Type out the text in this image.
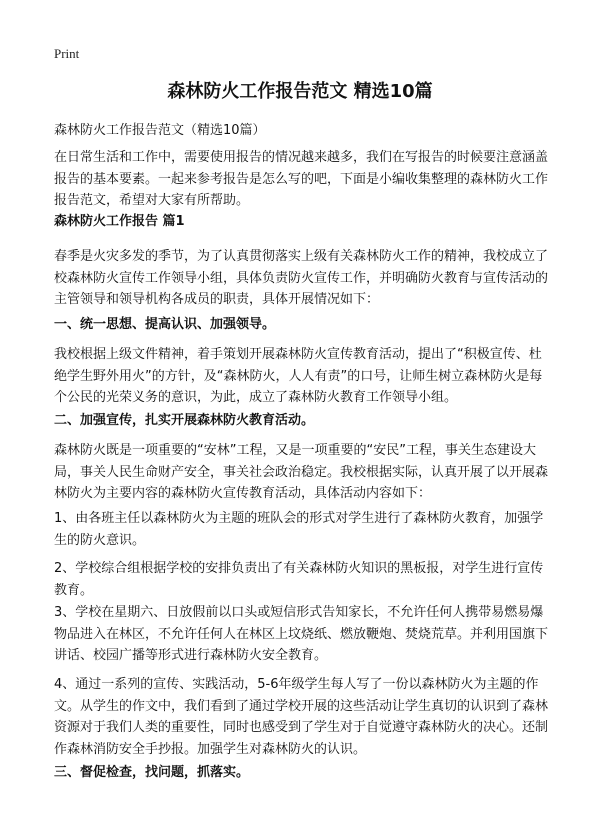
Print
森林防火工作报告范文 精选10篇

森林防火工作报告范文（精选10篇）

在日常生活和工作中，需要使用报告的情况越来越多，我们在写报告的时候要注意涵盖报告的基本要素。一起来参考报告是怎么写的吧，下面是小编收集整理的森林防火工作报告范文，希望对大家有所帮助。

森林防火工作报告 篇1

春季是火灾多发的季节，为了认真贯彻落实上级有关森林防火工作的精神，我校成立了校森林防火宣传工作领导小组，具体负责防火宣传工作，并明确防火教育与宣传活动的主管领导和领导机构各成员的职责，具体开展情况如下：

一、统一思想、提高认识、加强领导。

我校根据上级文件精神，着手策划开展森林防火宣传教育活动，提出了“积极宣传、杜绝学生野外用火”的方针，及“森林防火，人人有责”的口号，让师生树立森林防火是每个公民的光荣义务的意识，为此，成立了森林防火教育工作领导小组。

二、加强宣传，扎实开展森林防火教育活动。

森林防火既是一项重要的“安林”工程，又是一项重要的“安民”工程，事关生态建设大局，事关人民生命财产安全，事关社会政治稳定。我校根据实际，认真开展了以开展森林防火为主要内容的森林防火宣传教育活动，具体活动内容如下：

1、由各班主任以森林防火为主题的班队会的形式对学生进行了森林防火教育，加强学生的防火意识。

2、学校综合组根据学校的安排负责出了有关森林防火知识的黑板报，对学生进行宣传教育。

3、学校在星期六、日放假前以口头或短信形式告知家长，不允许任何人携带易燃易爆物品进入在林区，不允许任何人在林区上坟烧纸、燃放鞭炮、焚烧荒草。并利用国旗下讲话、校园广播等形式进行森林防火安全教育。

4、通过一系列的宣传、实践活动，5-6年级学生每人写了一份以森林防火为主题的作文。从学生的作文中，我们看到了通过学校开展的这些活动让学生真切的认识到了森林资源对于我们人类的重要性，同时也感受到了学生对于自觉遵守森林防火的决心。还制作森林消防安全手抄报。加强学生对森林防火的认识。

三、督促检查，找问题，抓落实。
